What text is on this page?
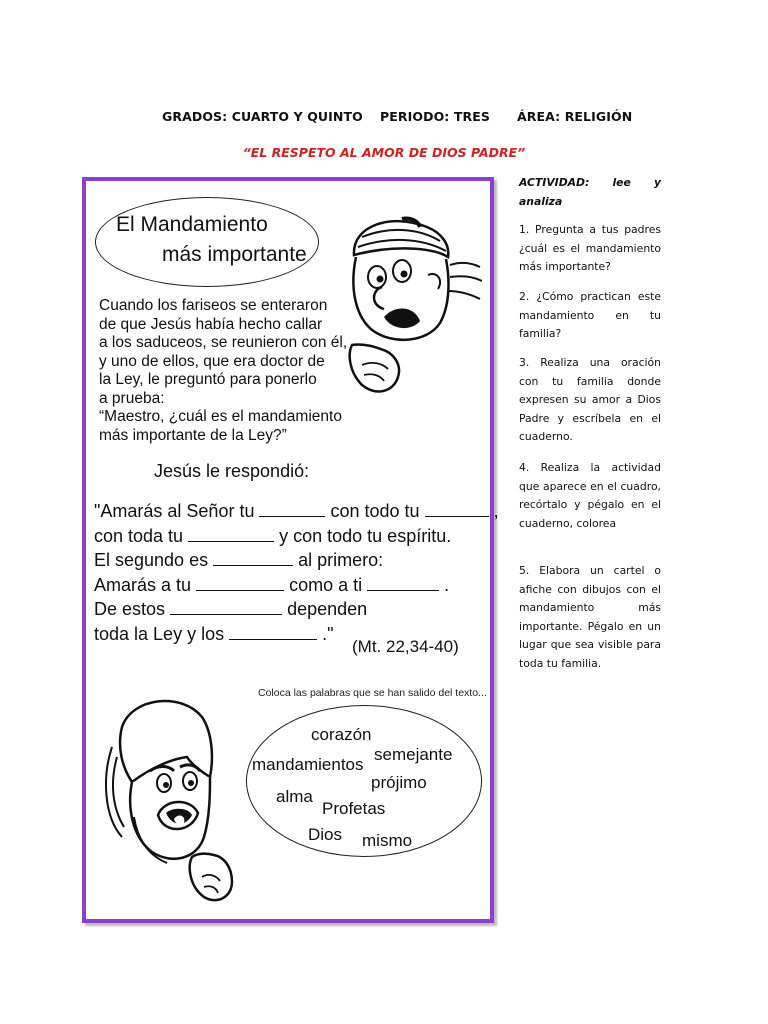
GRADOS: CUARTO Y QUINTO PERIODO: TRES ÁREA: RELIGIÓN
“EL RESPETO AL AMOR DE DIOS PADRE”
El Mandamiento
más importante
Cuando los fariseos se enteraron
de que Jesús había hecho callar
a los saduceos, se reunieron con él,
y uno de ellos, que era doctor de
la Ley, le preguntó para ponerlo
a prueba:
“Maestro, ¿cuál es el mandamiento
más importante de la Ley?”
Jesús le respondió:
"Amarás al Señor tu	con todo tu	,
con toda tu	y con todo tu espíritu.
El segundo es	al primero:
Amarás a tu	como a ti	.
De estos	dependen
toda la Ley y los	."
(Mt. 22,34-40)
Coloca las palabras que se han salido del texto...
corazón
semejante
mandamientos
prójimo
alma
Profetas
Dios mismo
ACTIVIDAD: lee y analiza
1. Pregunta a tus padres ¿cuál es el mandamiento más importante?
2. ¿Cómo practican este mandamiento en tu familia?
3. Realiza una oración con tu familia donde expresen su amor a Dios Padre y escríbela en el cuaderno.
4. Realiza la actividad que aparece en el cuadro, recórtalo y pégalo en el cuaderno, colorea
5. Elabora un cartel o afiche con dibujos con el mandamiento más importante. Pégalo en un lugar que sea visible para toda tu familia.
